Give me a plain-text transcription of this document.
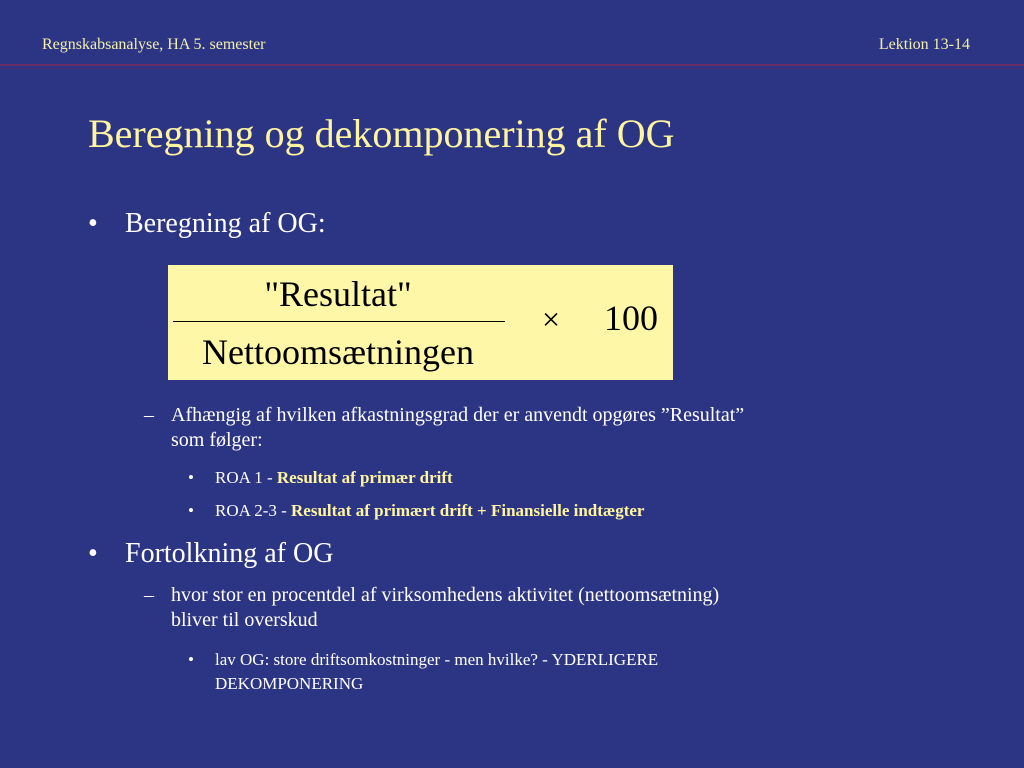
Regnskabsanalyse, HA 5. semester	Lektion 13-14
Beregning og dekomponering af OG
• Beregning af OG:
"Resultat"
Nettoomsætningen
× 100
– Afhængig af hvilken afkastningsgrad der er anvendt opgøres ”Resultat”
som følger:
• ROA 1 - Resultat af primær drift
• ROA 2-3 - Resultat af primært drift + Finansielle indtægter
• Fortolkning af OG
– hvor stor en procentdel af virksomhedens aktivitet (nettoomsætning)
bliver til overskud
• lav OG: store driftsomkostninger - men hvilke? - YDERLIGERE
DEKOMPONERING
